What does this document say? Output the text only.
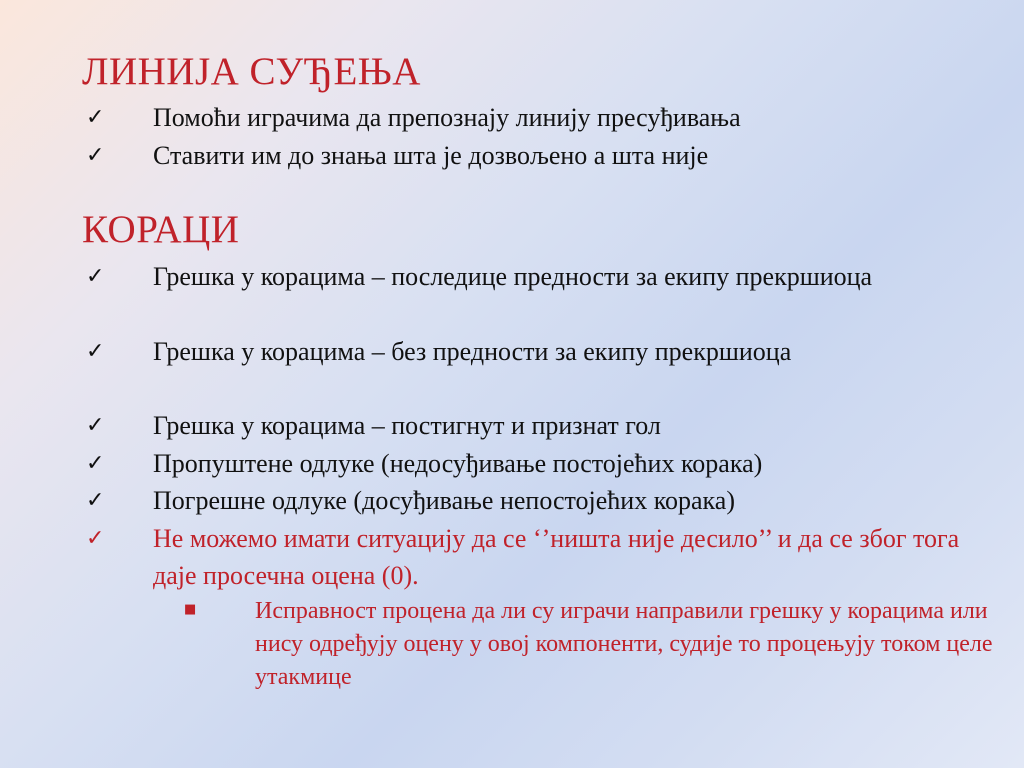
ЛИНИЈА СУЂЕЊА
✓ Помоћи играчима да препознају линију пресуђивања
✓ Ставити им до знања шта је дозвољено а шта није
КОРАЦИ
✓ Грешка у корацима – последице предности за екипу прекршиоца
✓ Грешка у корацима – без предности за екипу прекршиоца
✓ Грешка у корацима – постигнут и признат гол
✓ Пропуштене одлуке (недосуђивање постојећих корака)
✓ Погрешне одлуке (досуђивање непостојећих корака)
✓ Не можемо имати ситуацију да се ‘’ништа није десило’’ и да се због тога даје просечна оцена (0).
■ Исправност процена да ли су играчи направили грешку у корацима или нису одређују оцену у овој компоненти, судије то процењују током целе утакмице
